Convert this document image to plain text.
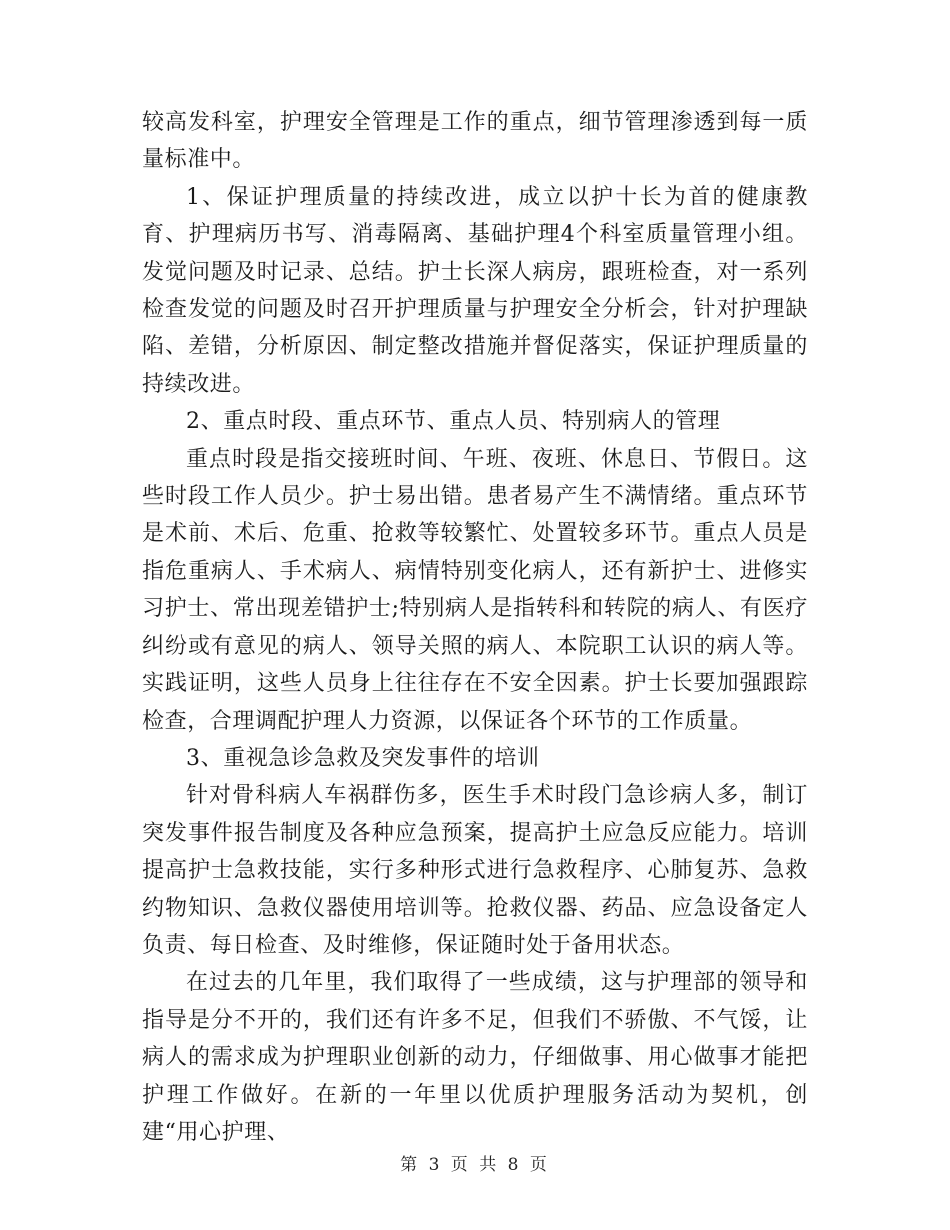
较高发科室，护理安全管理是工作的重点，细节管理渗透到每一质量标准中。

1、保证护理质量的持续改进，成立以护十长为首的健康教育、护理病历书写、消毒隔离、基础护理4个科室质量管理小组。发觉问题及时记录、总结。护士长深人病房，跟班检查，对一系列检查发觉的问题及时召开护理质量与护理安全分析会，针对护理缺陷、差错，分析原因、制定整改措施并督促落实，保证护理质量的持续改进。

2、重点时段、重点环节、重点人员、特别病人的管理

重点时段是指交接班时间、午班、夜班、休息日、节假日。这些时段工作人员少。护士易出错。患者易产生不满情绪。重点环节是术前、术后、危重、抢救等较繁忙、处置较多环节。重点人员是指危重病人、手术病人、病情特别变化病人，还有新护士、进修实习护士、常出现差错护士;特别病人是指转科和转院的病人、有医疗纠纷或有意见的病人、领导关照的病人、本院职工认识的病人等。实践证明，这些人员身上往往存在不安全因素。护士长要加强跟踪检查，合理调配护理人力资源，以保证各个环节的工作质量。

3、重视急诊急救及突发事件的培训

针对骨科病人车祸群伤多，医生手术时段门急诊病人多，制订突发事件报告制度及各种应急预案，提高护土应急反应能力。培训提高护士急救技能，实行多种形式进行急救程序、心肺复苏、急救约物知识、急救仪器使用培训等。抢救仪器、药品、应急设备定人负责、每日检查、及时维修，保证随时处于备用状态。

在过去的几年里，我们取得了一些成绩，这与护理部的领导和指导是分不开的，我们还有许多不足，但我们不骄傲、不气馁，让病人的需求成为护理职业创新的动力，仔细做事、用心做事才能把护理工作做好。在新的一年里以优质护理服务活动为契机，创建“用心护理、

第 3 页 共 8 页
